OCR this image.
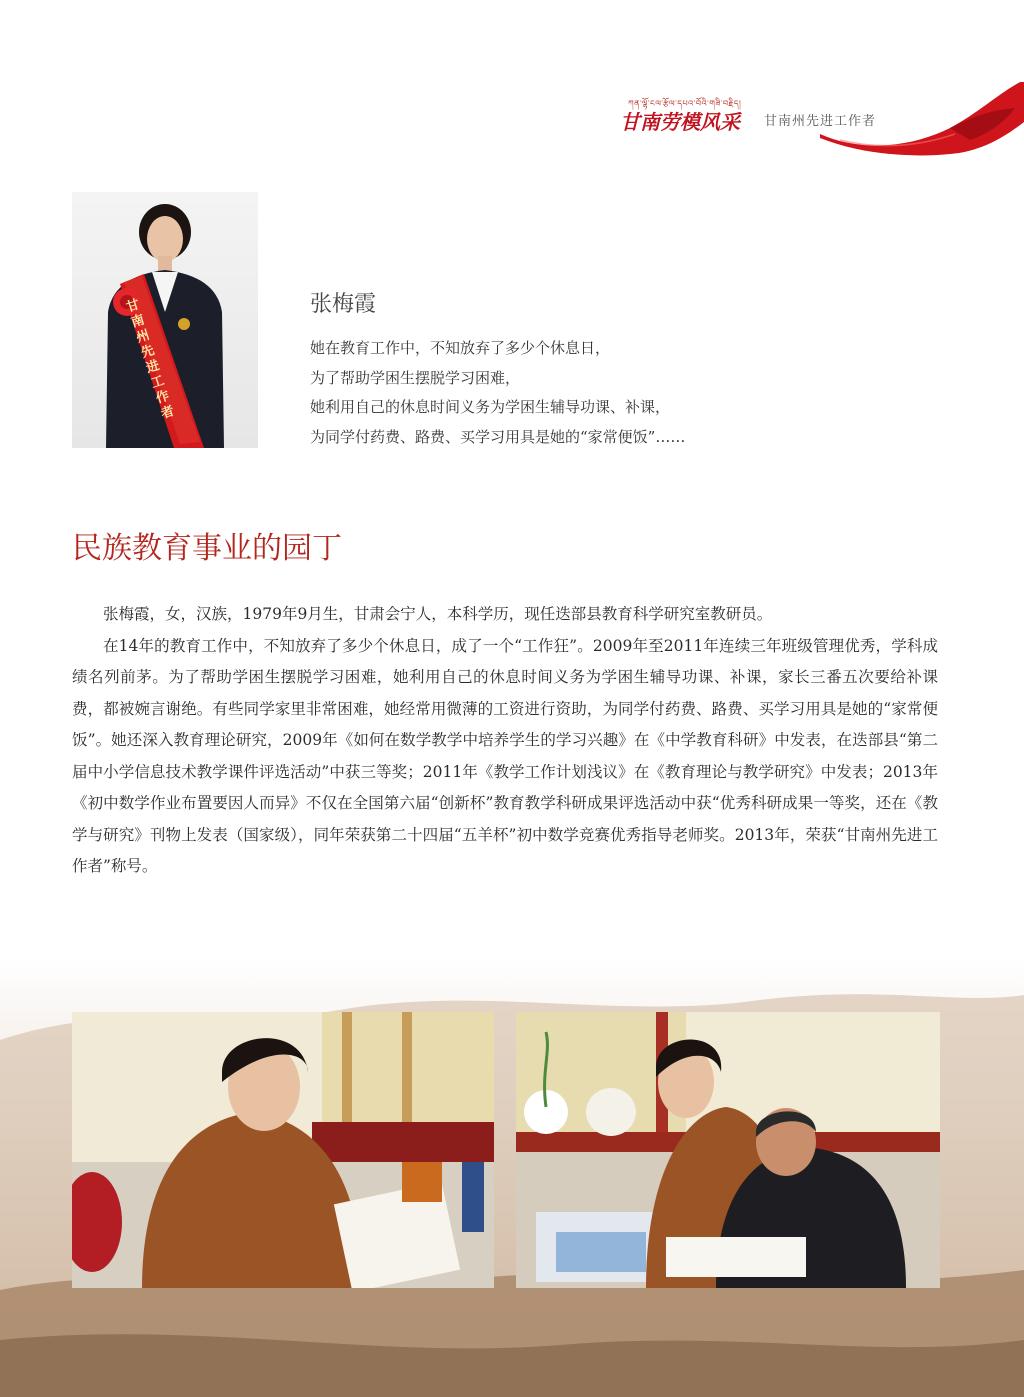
ཀན་ལྷོ་ངལ་རྩོལ་དཔའ་བོའི་གཟི་བརྗིད།
甘南劳模风采 甘南州先进工作者
甘南州先进工作者
张梅霞
她在教育工作中，不知放弃了多少个休息日，
为了帮助学困生摆脱学习困难，
她利用自己的休息时间义务为学困生辅导功课、补课，
为同学付药费、路费、买学习用具是她的“家常便饭”……
民族教育事业的园丁

张梅霞，女，汉族，1979年9月生，甘肃会宁人，本科学历，现任迭部县教育科学研究室教研员。

在14年的教育工作中，不知放弃了多少个休息日，成了一个“工作狂”。2009年至2011年连续三年班级管理优秀，学科成绩名列前茅。为了帮助学困生摆脱学习困难，她利用自己的休息时间义务为学困生辅导功课、补课，家长三番五次要给补课费，都被婉言谢绝。有些同学家里非常困难，她经常用微薄的工资进行资助，为同学付药费、路费、买学习用具是她的“家常便饭”。她还深入教育理论研究，2009年《如何在数学教学中培养学生的学习兴趣》在《中学教育科研》中发表，在迭部县“第二届中小学信息技术教学课件评选活动”中获三等奖；2011年《教学工作计划浅议》在《教育理论与教学研究》中发表；2013年《初中数学作业布置要因人而异》不仅在全国第六届“创新杯”教育教学科研成果评选活动中获“优秀科研成果一等奖，还在《教学与研究》刊物上发表（国家级），同年荣获第二十四届“五羊杯”初中数学竞赛优秀指导老师奖。2013年，荣获“甘南州先进工作者”称号。
